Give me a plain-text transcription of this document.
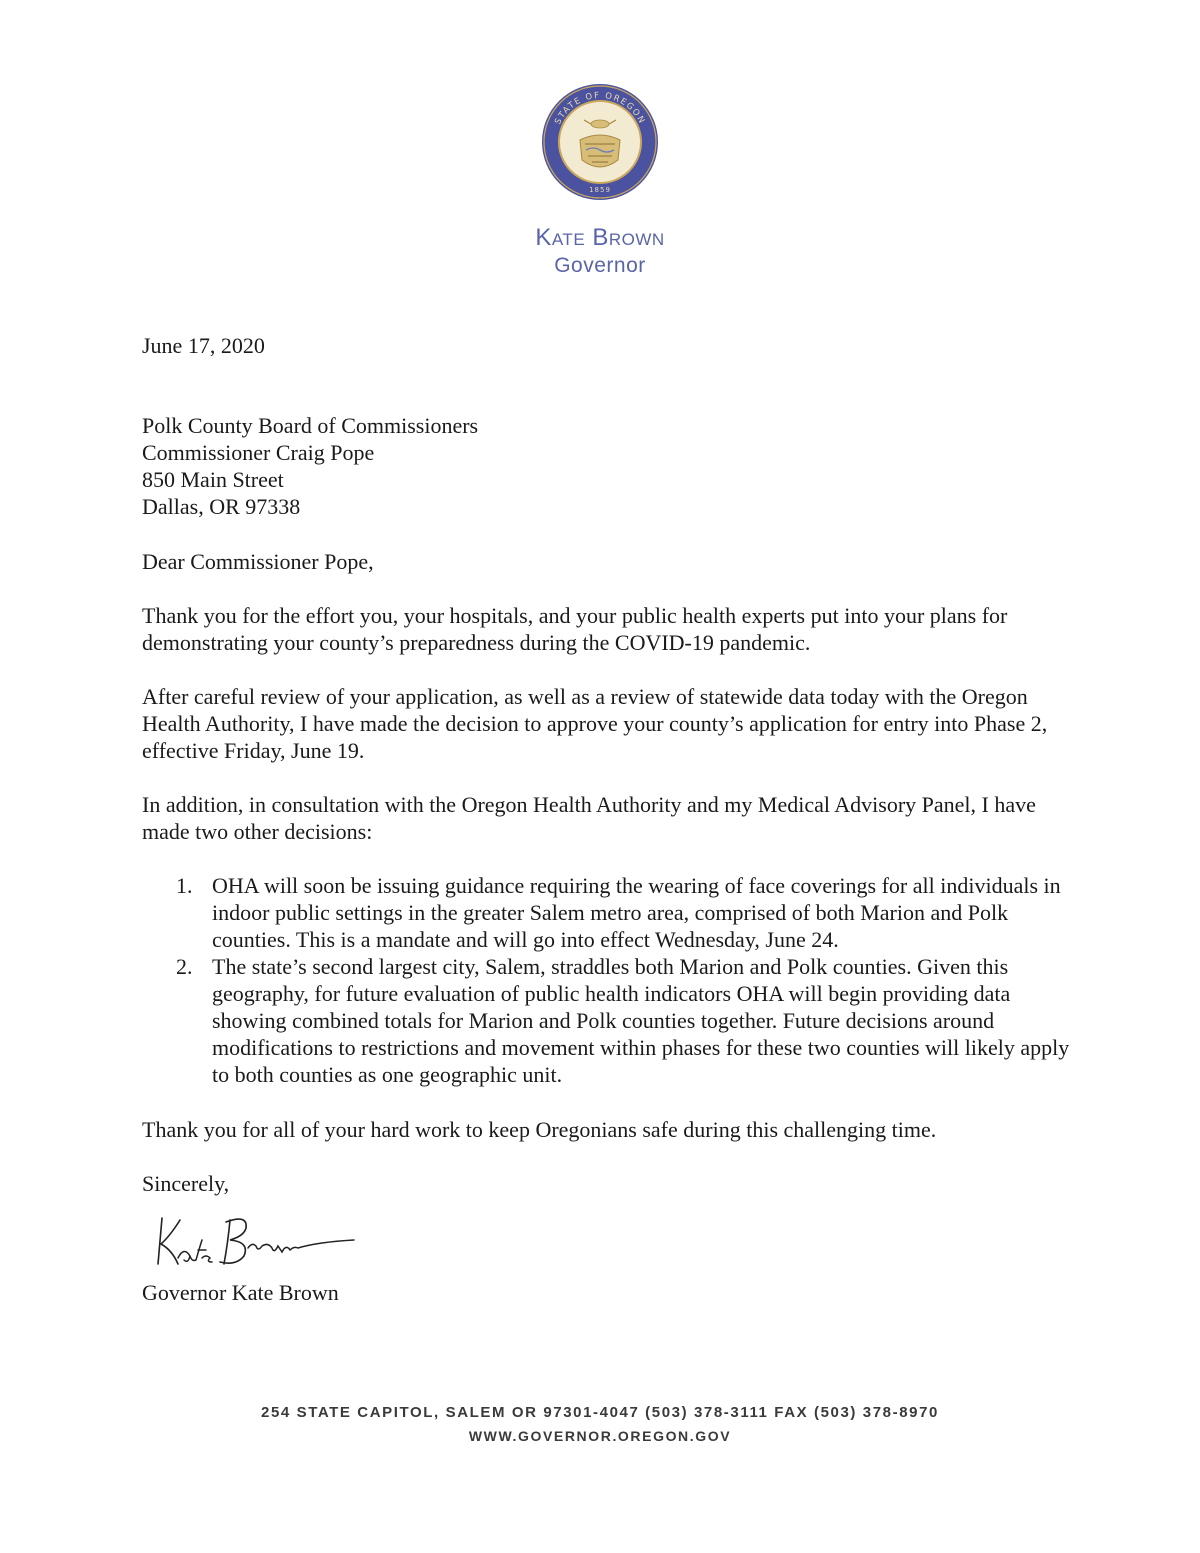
STATE OF OREGON
1859
Kate Brown
Governor
June 17, 2020
Polk County Board of Commissioners
Commissioner Craig Pope
850 Main Street
Dallas, OR 97338
Dear Commissioner Pope,
Thank you for the effort you, your hospitals, and your public health experts put into your plans for demonstrating your county’s preparedness during the COVID-19 pandemic.
After careful review of your application, as well as a review of statewide data today with the Oregon Health Authority, I have made the decision to approve your county’s application for entry into Phase 2, effective Friday, June 19.
In addition, in consultation with the Oregon Health Authority and my Medical Advisory Panel, I have made two other decisions:
1. OHA will soon be issuing guidance requiring the wearing of face coverings for all individuals in indoor public settings in the greater Salem metro area, comprised of both Marion and Polk counties. This is a mandate and will go into effect Wednesday, June 24.
2. The state’s second largest city, Salem, straddles both Marion and Polk counties. Given this geography, for future evaluation of public health indicators OHA will begin providing data showing combined totals for Marion and Polk counties together. Future decisions around modifications to restrictions and movement within phases for these two counties will likely apply to both counties as one geographic unit.
Thank you for all of your hard work to keep Oregonians safe during this challenging time.
Sincerely,
Governor Kate Brown
254 STATE CAPITOL, SALEM OR 97301-4047 (503) 378-3111 FAX (503) 378-8970
WWW.GOVERNOR.OREGON.GOV
